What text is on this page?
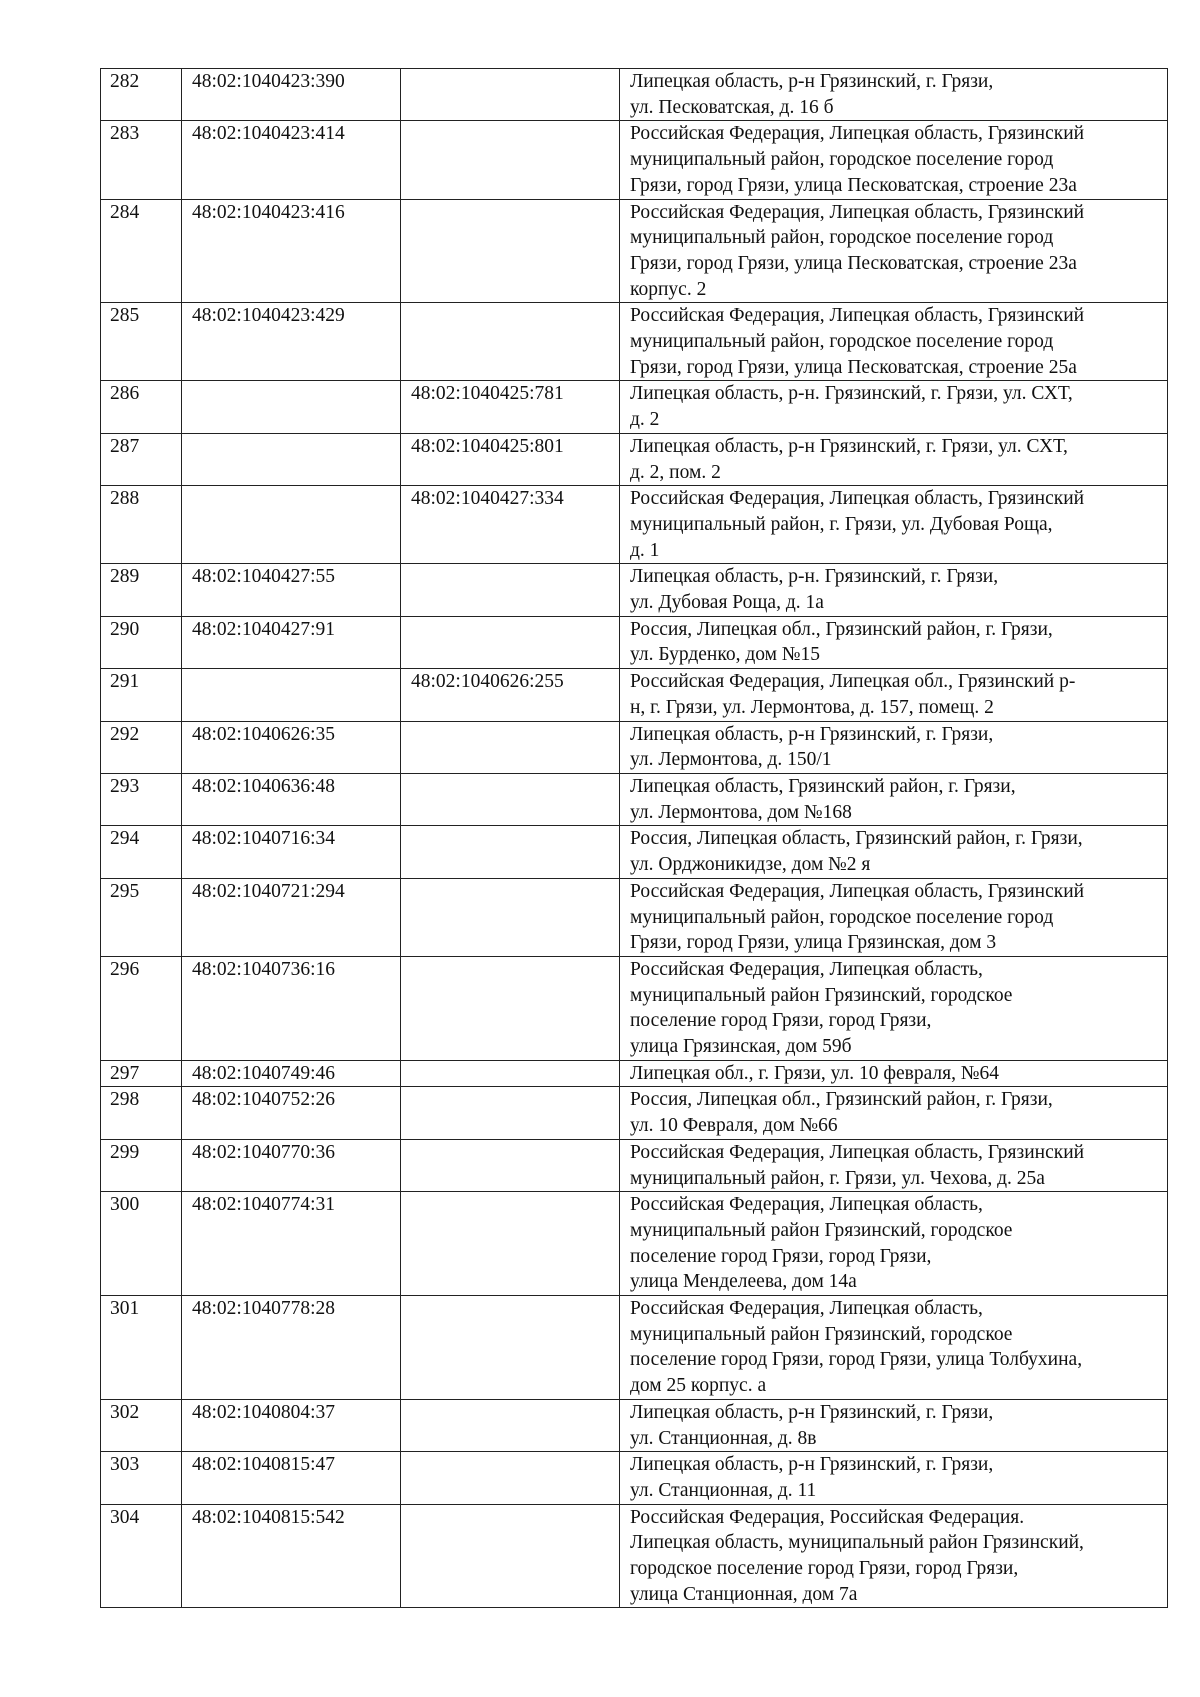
282	48:02:1040423:390		Липецкая область, р-н Грязинский, г. Грязи,
ул. Песковатская, д. 16 б
283	48:02:1040423:414		Российская Федерация, Липецкая область, Грязинский
муниципальный район, городское поселение город
Грязи, город Грязи, улица Песковатская, строение 23а
284	48:02:1040423:416		Российская Федерация, Липецкая область, Грязинский
муниципальный район, городское поселение город
Грязи, город Грязи, улица Песковатская, строение 23а
корпус. 2
285	48:02:1040423:429		Российская Федерация, Липецкая область, Грязинский
муниципальный район, городское поселение город
Грязи, город Грязи, улица Песковатская, строение 25а
286		48:02:1040425:781	Липецкая область, р-н. Грязинский, г. Грязи, ул. СХТ,
д. 2
287		48:02:1040425:801	Липецкая область, р-н Грязинский, г. Грязи, ул. СХТ,
д. 2, пом. 2
288		48:02:1040427:334	Российская Федерация, Липецкая область, Грязинский
муниципальный район, г. Грязи, ул. Дубовая Роща,
д. 1
289	48:02:1040427:55		Липецкая область, р-н. Грязинский, г. Грязи,
ул. Дубовая Роща, д. 1а
290	48:02:1040427:91		Россия, Липецкая обл., Грязинский район, г. Грязи,
ул. Бурденко, дом №15
291		48:02:1040626:255	Российская Федерация, Липецкая обл., Грязинский р-
н, г. Грязи, ул. Лермонтова, д. 157, помещ. 2
292	48:02:1040626:35		Липецкая область, р-н Грязинский, г. Грязи,
ул. Лермонтова, д. 150/1
293	48:02:1040636:48		Липецкая область, Грязинский район, г. Грязи,
ул. Лермонтова, дом №168
294	48:02:1040716:34		Россия, Липецкая область, Грязинский район, г. Грязи,
ул. Орджоникидзе, дом №2 я
295	48:02:1040721:294		Российская Федерация, Липецкая область, Грязинский
муниципальный район, городское поселение город
Грязи, город Грязи, улица Грязинская, дом 3
296	48:02:1040736:16		Российская Федерация, Липецкая область,
муниципальный район Грязинский, городское
поселение город Грязи, город Грязи,
улица Грязинская, дом 59б
297	48:02:1040749:46		Липецкая обл., г. Грязи, ул. 10 февраля, №64
298	48:02:1040752:26		Россия, Липецкая обл., Грязинский район, г. Грязи,
ул. 10 Февраля, дом №66
299	48:02:1040770:36		Российская Федерация, Липецкая область, Грязинский
муниципальный район, г. Грязи, ул. Чехова, д. 25а
300	48:02:1040774:31		Российская Федерация, Липецкая область,
муниципальный район Грязинский, городское
поселение город Грязи, город Грязи,
улица Менделеева, дом 14а
301	48:02:1040778:28		Российская Федерация, Липецкая область,
муниципальный район Грязинский, городское
поселение город Грязи, город Грязи, улица Толбухина,
дом 25 корпус. а
302	48:02:1040804:37		Липецкая область, р-н Грязинский, г. Грязи,
ул. Станционная, д. 8в
303	48:02:1040815:47		Липецкая область, р-н Грязинский, г. Грязи,
ул. Станционная, д. 11
304	48:02:1040815:542		Российская Федерация, Российская Федерация.
Липецкая область, муниципальный район Грязинский,
городское поселение город Грязи, город Грязи,
улица Станционная, дом 7а
